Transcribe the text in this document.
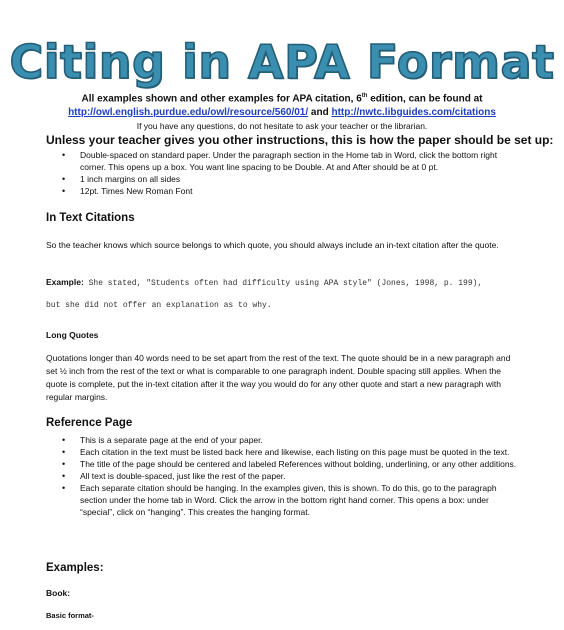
Citing in APA Format
All examples shown and other examples for APA citation, 6th edition, can be found at
http://owl.english.purdue.edu/owl/resource/560/01/ and http://nwtc.libguides.com/citations
If you have any questions, do not hesitate to ask your teacher or the librarian.
Unless your teacher gives you other instructions, this is how the paper should be set up:
• Double-spaced on standard paper. Under the paragraph section in the Home tab in Word, click the bottom right corner. This opens up a box. You want line spacing to be Double. At and After should be at 0 pt.
• 1 inch margins on all sides
• 12pt. Times New Roman Font
In Text Citations
So the teacher knows which source belongs to which quote, you should always include an in-text citation after the quote.
Example: She stated, "Students often had difficulty using APA style" (Jones, 1998, p. 199),
but she did not offer an explanation as to why.
Long Quotes
Quotations longer than 40 words need to be set apart from the rest of the text. The quote should be in a new paragraph and set ½ inch from the rest of the text or what is comparable to one paragraph indent. Double spacing still applies. When the quote is complete, put the in-text citation after it the way you would do for any other quote and start a new paragraph with regular margins.
Reference Page
• This is a separate page at the end of your paper.
• Each citation in the text must be listed back here and likewise, each listing on this page must be quoted in the text.
• The title of the page should be centered and labeled References without bolding, underlining, or any other additions.
• All text is double-spaced, just like the rest of the paper.
• Each separate citation should be hanging. In the examples given, this is shown. To do this, go to the paragraph section under the home tab in Word. Click the arrow in the bottom right hand corner. This opens a box: under “special”, click on “hanging”. This creates the hanging format.
Examples:
Book:
Basic format-
